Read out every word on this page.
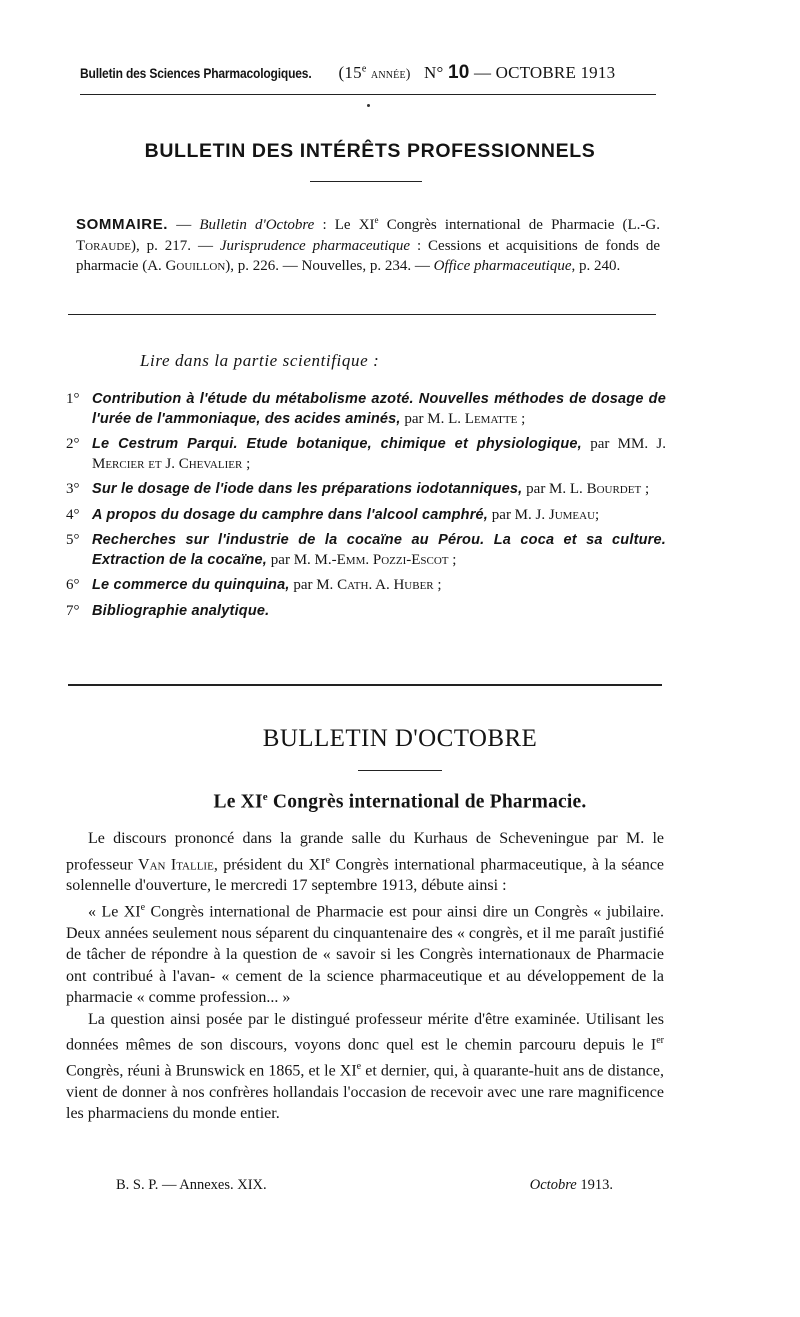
Bulletin des Sciences Pharmacologiques. (15e année) N° 10 — OCTOBRE 1913
BULLETIN DES INTÉRÊTS PROFESSIONNELS
SOMMAIRE. — Bulletin d'Octobre : Le XIe Congrès international de Pharmacie (L.-G. Toraude), p. 217. — Jurisprudence pharmaceutique : Cessions et acquisitions de fonds de pharmacie (A. Gouillon), p. 226. — Nouvelles, p. 234. — Office pharmaceutique, p. 240.
Lire dans la partie scientifique :
1° Contribution à l'étude du métabolisme azoté. Nouvelles méthodes de dosage de l'urée de l'ammoniaque, des acides aminés, par M. L. Lematte ;
2° Le Cestrum Parqui. Etude botanique, chimique et physiologique, par MM. J. Mercier et J. Chevalier ;
3° Sur le dosage de l'iode dans les préparations iodotanniques, par M. L. Bourdet ;
4° A propos du dosage du camphre dans l'alcool camphré, par M. J. Jumeau;
5° Recherches sur l'industrie de la cocaïne au Pérou. La coca et sa culture. Extraction de la cocaïne, par M. M.-Emm. Pozzi-Escot ;
6° Le commerce du quinquina, par M. Cath. A. Huber ;
7° Bibliographie analytique.
BULLETIN D'OCTOBRE
Le XIe Congrès international de Pharmacie.

Le discours prononcé dans la grande salle du Kurhaus de Scheveningue par M. le professeur Van Itallie, président du XIe Congrès international pharmaceutique, à la séance solennelle d'ouverture, le mercredi 17 septembre 1913, débute ainsi :

« Le XIe Congrès international de Pharmacie est pour ainsi dire un Congrès « jubilaire. Deux années seulement nous séparent du cinquantenaire des « congrès, et il me paraît justifié de tâcher de répondre à la question de « savoir si les Congrès internationaux de Pharmacie ont contribué à l'avan- « cement de la science pharmaceutique et au développement de la pharmacie « comme profession... »

La question ainsi posée par le distingué professeur mérite d'être examinée. Utilisant les données mêmes de son discours, voyons donc quel est le chemin parcouru depuis le Ier Congrès, réuni à Brunswick en 1865, et le XIe et dernier, qui, à quarante-huit ans de distance, vient de donner à nos confrères hollandais l'occasion de recevoir avec une rare magnificence les pharmaciens du monde entier.

B. S. P. — Annexes. XIX.	Octobre 1913.
